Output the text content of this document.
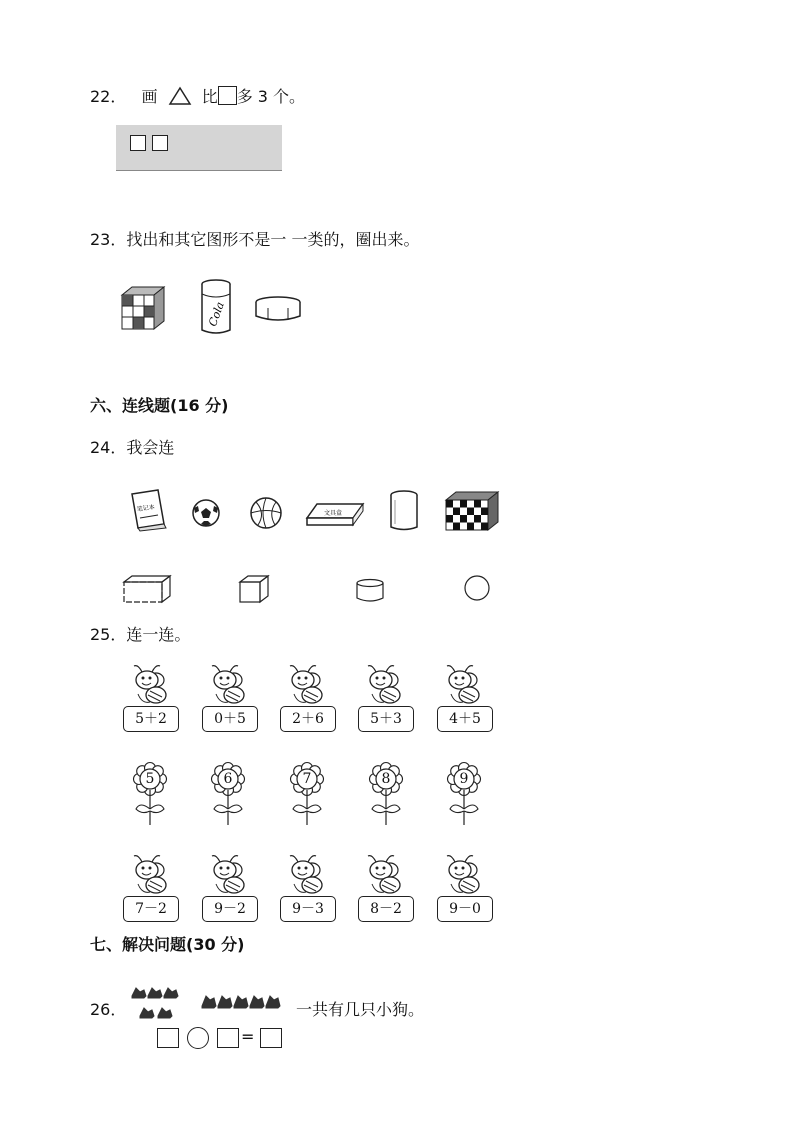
22． 画	比 多 3 个。
23．找出和其它图形不是一 一类的，圈出来。
Cola
六、连线题(16 分)
24．我会连
笔记本
文具盒
25．连一连。
5＋2	0＋5	2＋6	5＋3	4＋5
5	6	7	8	9
7－2	9－2	9－3	8－2	9－0
七、解决问题(30 分)
26．	一共有几只小狗。
=
